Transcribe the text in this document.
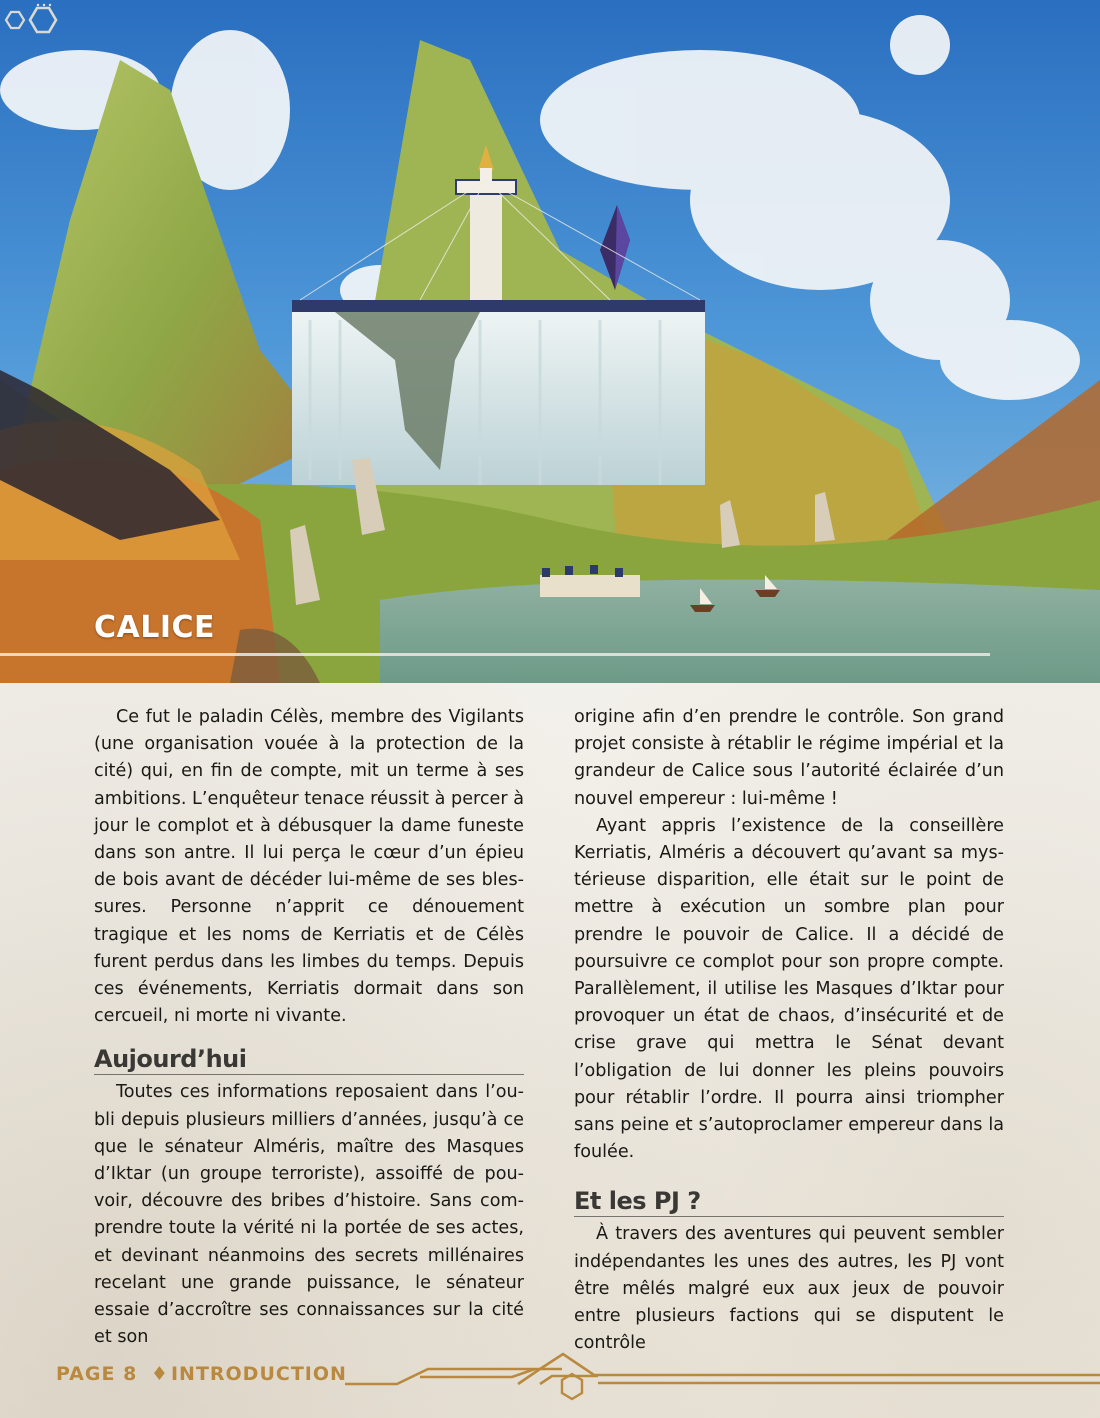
CALICE

Ce fut le paladin Célès, membre des Vigilants (une organisation vouée à la protection de la cité) qui, en fin de compte, mit un terme à ses ambitions. L’enquêteur tenace réussit à percer à jour le complot et à débusquer la dame funeste dans son antre. Il lui perça le cœur d’un épieu de bois avant de décéder lui-même de ses blessures. Personne n’apprit ce dénouement tragique et les noms de Kerriatis et de Célès furent perdus dans les limbes du temps. Depuis ces événements, Kerriatis dormait dans son cercueil, ni morte ni vivante.

Aujourd’hui

Toutes ces informations reposaient dans l’oubli depuis plusieurs milliers d’années, jusqu’à ce que le sénateur Alméris, maître des Masques d’Iktar (un groupe terroriste), assoiffé de pouvoir, découvre des bribes d’histoire. Sans comprendre toute la vérité ni la portée de ses actes, et devinant néanmoins des secrets millénaires recelant une grande puissance, le sénateur essaie d’accroître ses connaissances sur la cité et son

origine afin d’en prendre le contrôle. Son grand projet consiste à rétablir le régime impérial et la grandeur de Calice sous l’autorité éclairée d’un nouvel empereur : lui-même !

Ayant appris l’existence de la conseillère Kerriatis, Alméris a découvert qu’avant sa mystérieuse disparition, elle était sur le point de mettre à exécution un sombre plan pour prendre le pouvoir de Calice. Il a décidé de poursuivre ce complot pour son propre compte. Parallèlement, il utilise les Masques d’Iktar pour provoquer un état de chaos, d’insécurité et de crise grave qui mettra le Sénat devant l’obligation de lui donner les pleins pouvoirs pour rétablir l’ordre. Il pourra ainsi triompher sans peine et s’autoproclamer empereur dans la foulée.

Et les PJ ?

À travers des aventures qui peuvent sembler indépendantes les unes des autres, les PJ vont être mêlés malgré eux aux jeux de pouvoir entre plusieurs factions qui se disputent le contrôle

PAGE 8 ♦ INTRODUCTION
